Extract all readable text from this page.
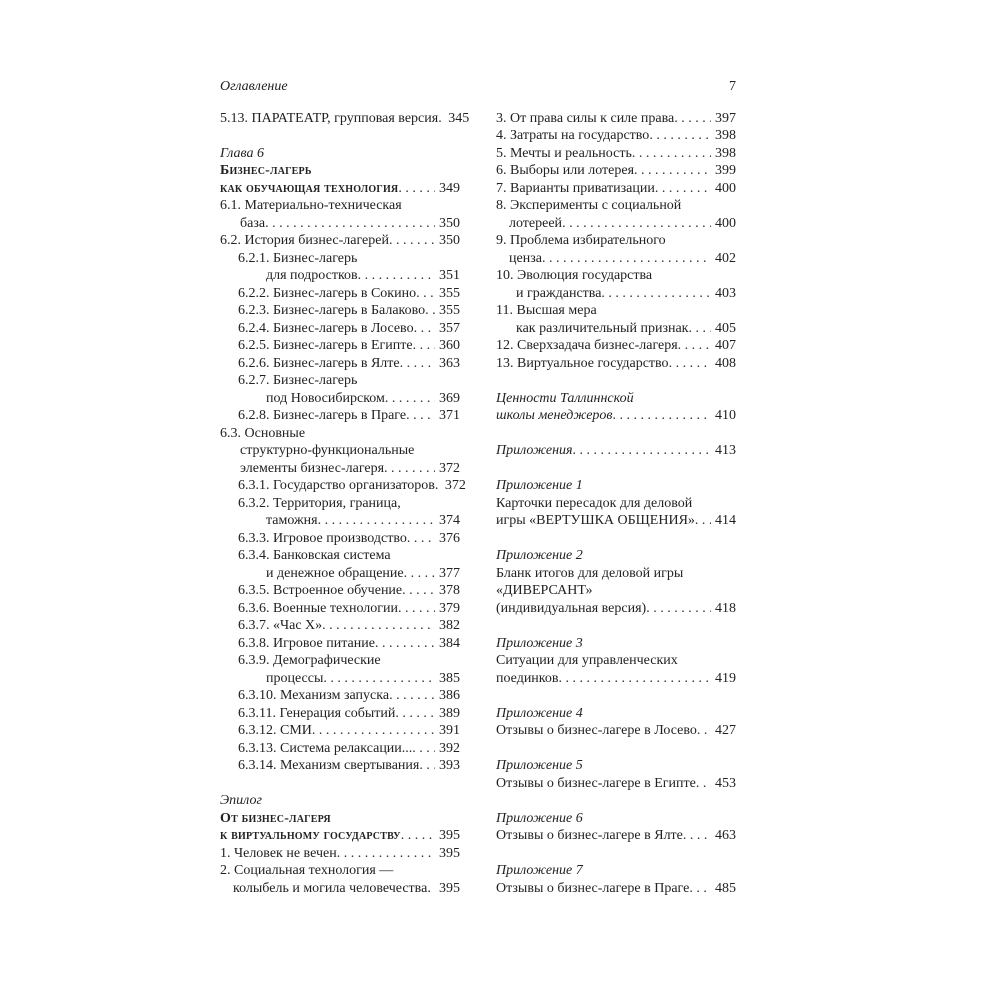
Оглавление	7
5.13. ПАРАТЕАТР, групповая версия . . . 345
Глава 6
Бизнес-лагерь
как обучающая технология . . .	349
6.1. Материально-техническая
база . . .	350
6.2. История бизнес-лагерей . . .	350
6.2.1. Бизнес-лагерь
для подростков . . .	351
6.2.2. Бизнес-лагерь в Сокино . . . 355
6.2.3. Бизнес-лагерь в Балаково . . . 355
6.2.4. Бизнес-лагерь в Лосево . . . 357
6.2.5. Бизнес-лагерь в Египте . . . 360
6.2.6. Бизнес-лагерь в Ялте . . .	363
6.2.7. Бизнес-лагерь
под Новосибирском . . .	369
6.2.8. Бизнес-лагерь в Праге . . . 371
6.3. Основные
структурно-функциональные
элементы бизнес-лагеря . . .	372
6.3.1. Государство организаторов . . . 372
6.3.2. Территория, граница,
таможня . . .	374
6.3.3. Игровое производство . . . 376
6.3.4. Банковская система
и денежное обращение . . .	377
6.3.5. Встроенное обучение . . .	378
6.3.6. Военные технологии . . .	379
6.3.7. «Час X» . . .	382
6.3.8. Игровое питание . . .	384
6.3.9. Демографические
процессы . . .	385
6.3.10. Механизм запуска . . .	386
6.3.11. Генерация событий . . .	389
6.3.12. СМИ . . .	391
6.3.13. Система релаксации... . . . 392
6.3.14. Механизм свертывания . . . 393
Эпилог
От бизнес-лагеря
к виртуальному государству . . .	395
1. Человек не вечен . . .	395
2. Социальная технология —
колыбель и могила человечества . . . 395
3. От права силы к силе права . . .	397
4. Затраты на государство . . .	398
5. Мечты и реальность . . .	398
6. Выборы или лотерея . . .	399
7. Варианты приватизации . . .	400
8. Эксперименты с социальной
лотереей . . .	400
9. Проблема избирательного
ценза . . .	402
10. Эволюция государства
и гражданства . . .	403
11. Высшая мера
как различительный признак . . . 405
12. Сверхзадача бизнес-лагеря . . .	407
13. Виртуальное государство . . .	408
Ценности Таллиннской
школы менеджеров . . .	410
Приложения . . .	413
Приложение 1
Карточки пересадок для деловой
игры «ВЕРТУШКА ОБЩЕНИЯ» . . . 414
Приложение 2
Бланк итогов для деловой игры
«ДИВЕРСАНТ»
(индивидуальная версия) . . .	418
Приложение 3
Ситуации для управленческих
поединков . . .	419
Приложение 4
Отзывы о бизнес-лагере в Лосево . . . 427
Приложение 5
Отзывы о бизнес-лагере в Египте . . . 453
Приложение 6
Отзывы о бизнес-лагере в Ялте . . . 463
Приложение 7
Отзывы о бизнес-лагере в Праге . . . 485
